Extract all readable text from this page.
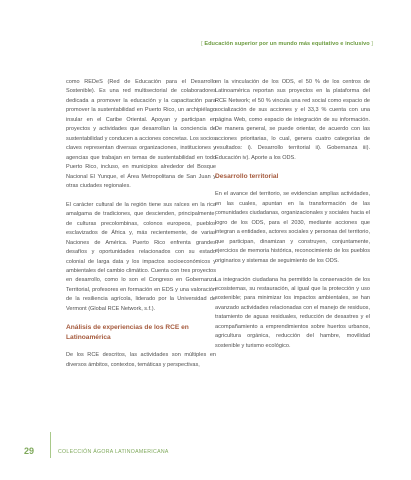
[ Educación superior por un mundo más equitativo e inclusivo ]

como REDeS (Red de Educación para el Desarrollo Sostenible). Es una red multisectorial de colaboradores dedicada a promover la educación y la capacitación para promover la sustentabilidad en Puerto Rico, un archipiélago insular en el Caribe Oriental. Apoyan y participan en proyectos y actividades que desarrollan la conciencia de sustentabilidad y conducen a acciones concretas. Los socios claves representan diversas organizaciones, instituciones y agencias que trabajan en temas de sustentabilidad en todo Puerto Rico, incluso, en municipios alrededor del Bosque Nacional El Yunque, el Área Metropolitana de San Juan y otras ciudades regionales.

El carácter cultural de la región tiene sus raíces en la rica amalgama de tradiciones, que descienden, principalmente, de culturas precolombinas, colonos europeos, pueblos esclavizados de África y, más recientemente, de varias Naciones de América. Puerto Rico enfrenta grandes desafíos y oportunidades relacionados con su estado colonial de larga data y los impactos socioeconómicos y ambientales del cambio climático. Cuenta con tres proyectos en desarrollo, como lo son el Congreso en Gobernanza Territorial, profesores en formación en EDS y una valoración de la resiliencia agrícola, liderado por la Universidad de Vermont (Global RCE Network, s.f.).

Análisis de experiencias de los RCE en Latinoamérica

De los RCE descritos, las actividades son múltiples en diversos ámbitos, contextos, temáticas y perspectivas,

en la vinculación de los ODS, el 50 % de los centros de Latinoamérica reportan sus proyectos en la plataforma del RCE Network; el 50 % vincula una red social como espacio de socialización de sus acciones y el 33,3 % cuenta con una página Web, como espacio de integración de su información. De manera general, se puede orientar, de acuerdo con las acciones prioritarias, lo cual, genera cuatro categorías de resultados: i). Desarrollo territorial ii). Gobernanza iii). Educación iv). Aporte a los ODS.

Desarrollo territorial

En el avance del territorio, se evidencian amplias actividades, en las cuales, apuntan en la transformación de las comunidades ciudadanas, organizacionales y sociales hacia el logro de los ODS, para el 2030, mediante acciones que integran a entidades, actores sociales y personas del territorio, que participan, dinamizan y construyen, conjuntamente, ejercicios de memoria histórica, reconocimiento de los pueblos originarios y sistemas de seguimiento de los ODS.

La integración ciudadana ha permitido la conservación de los ecosistemas, su restauración, al igual que la protección y uso sostenible; para minimizar los impactos ambientales, se han avanzado actividades relacionadas con el manejo de residuos, tratamiento de aguas residuales, reducción de desastres y el acompañamiento a emprendimientos sobre huertos urbanos, agricultura orgánica, reducción del hambre, movilidad sostenible y turismo ecológico.

29	COLECCIÓN ÁGORA LATINOAMERICANA
